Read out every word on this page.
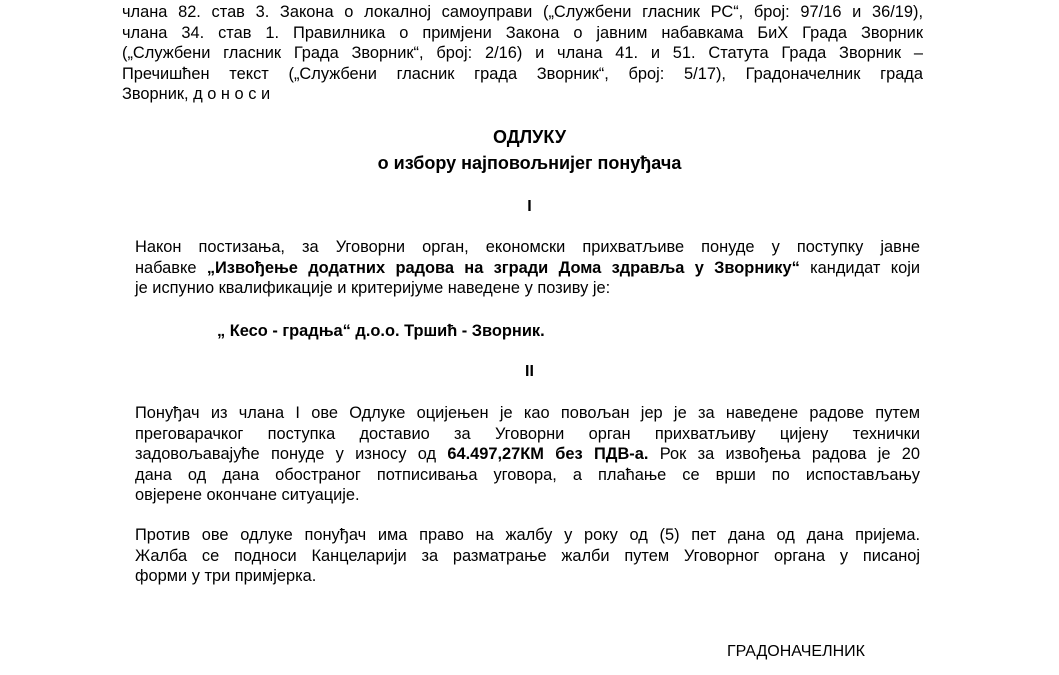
члана 82. став 3. Закона о локалној самоуправи („Службени гласник РС“, број: 97/16 и 36/19),
члана 34. став 1. Правилника о примјени Закона о јавним набавкама БиХ Града Зворник
(„Службени гласник Града Зворник“, број: 2/16) и члана 41. и 51. Статута Града Зворник –
Пречишћен текст („Службени гласник града Зворник“, број: 5/17), Градоначелник града
Зворник, д о н о с и
ОДЛУКУ
о избору најповољнијег понуђача
I
Након постизања, за Уговорни орган, економски прихватљиве понуде у поступку јавне
набавке „Извођење додатних радова на згради Дома здравља у Зворнику“ кандидат који
је испунио квалификације и критеријуме наведене у позиву је:
„ Кесо - градња“ д.о.о. Тршић - Зворник.
II
Понуђач из члана I ове Одлуке оцијењен је као повољан јер је за наведене радове путем
преговарачког поступка доставио за Уговорни орган прихватљиву цијену технички
задовољавајуће понуде у износу од 64.497,27КМ без ПДВ-а. Рок за извођења радова је 20
дана од дана обостраног потписивања уговора, а плаћање се врши по испостављању
овјерене окончане ситуације.
Против ове одлуке понуђач има право на жалбу у року од (5) пет дана од дана пријема.
Жалба се подноси Канцеларији за разматрање жалби путем Уговорног органа у писаној
форми у три примјерка.
ГРАДОНАЧЕЛНИК
